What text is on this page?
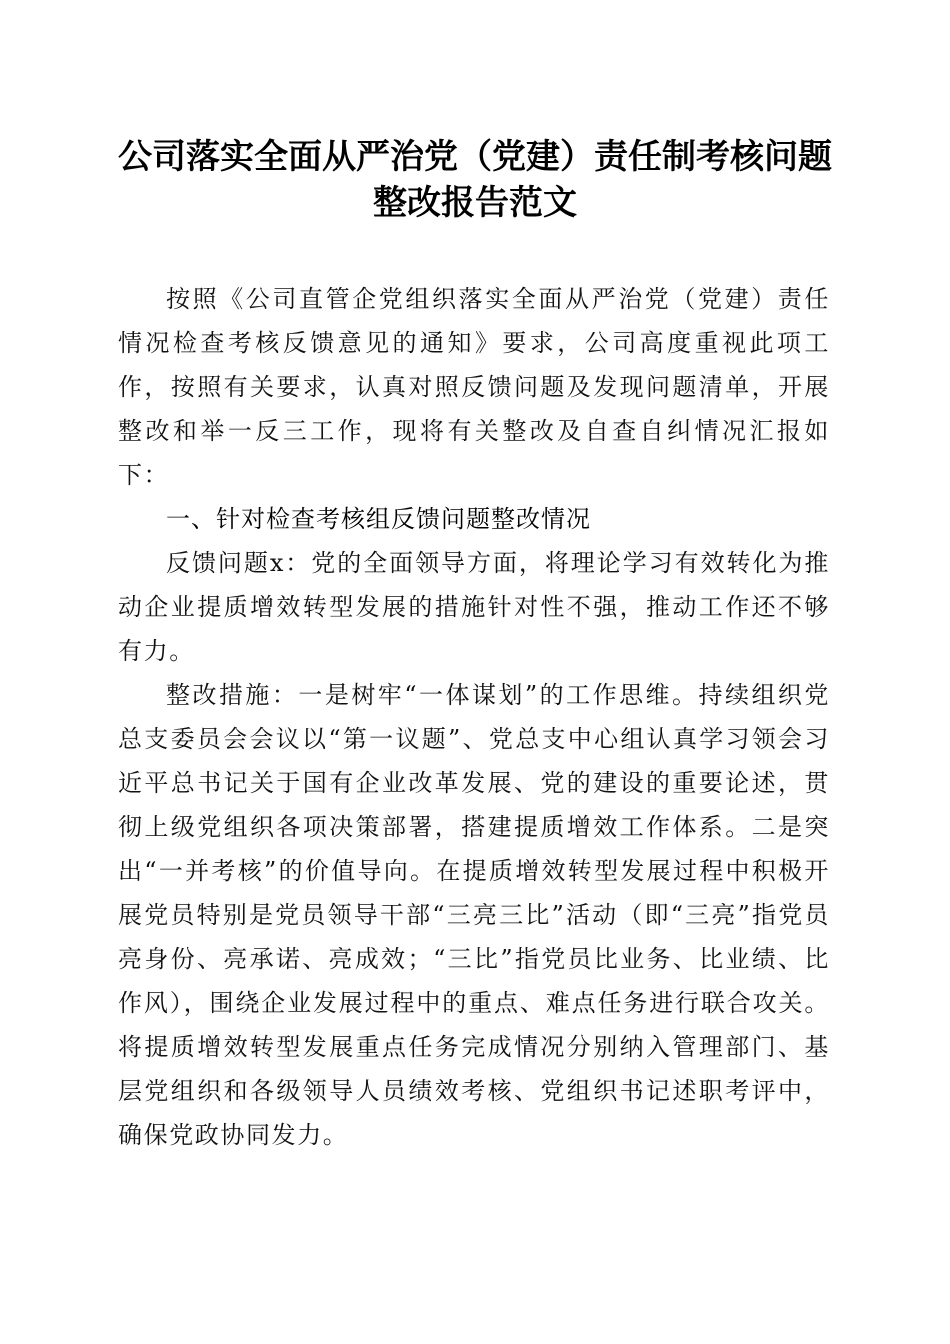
公司落实全面从严治党（党建）责任制考核问题整改报告范文

按照《公司直管企党组织落实全面从严治党（党建）责任情况检查考核反馈意见的通知》要求，公司高度重视此项工作，按照有关要求，认真对照反馈问题及发现问题清单，开展整改和举一反三工作，现将有关整改及自查自纠情况汇报如下：

一、针对检查考核组反馈问题整改情况

反馈问题x：党的全面领导方面，将理论学习有效转化为推动企业提质增效转型发展的措施针对性不强，推动工作还不够有力。

整改措施：一是树牢“一体谋划”的工作思维。持续组织党总支委员会会议以“第一议题”、党总支中心组认真学习领会习近平总书记关于国有企业改革发展、党的建设的重要论述，贯彻上级党组织各项决策部署，搭建提质增效工作体系。二是突出“一并考核”的价值导向。在提质增效转型发展过程中积极开展党员特别是党员领导干部“三亮三比”活动（即“三亮”指党员亮身份、亮承诺、亮成效；“三比”指党员比业务、比业绩、比作风），围绕企业发展过程中的重点、难点任务进行联合攻关。将提质增效转型发展重点任务完成情况分别纳入管理部门、基层党组织和各级领导人员绩效考核、党组织书记述职考评中，确保党政协同发力。
